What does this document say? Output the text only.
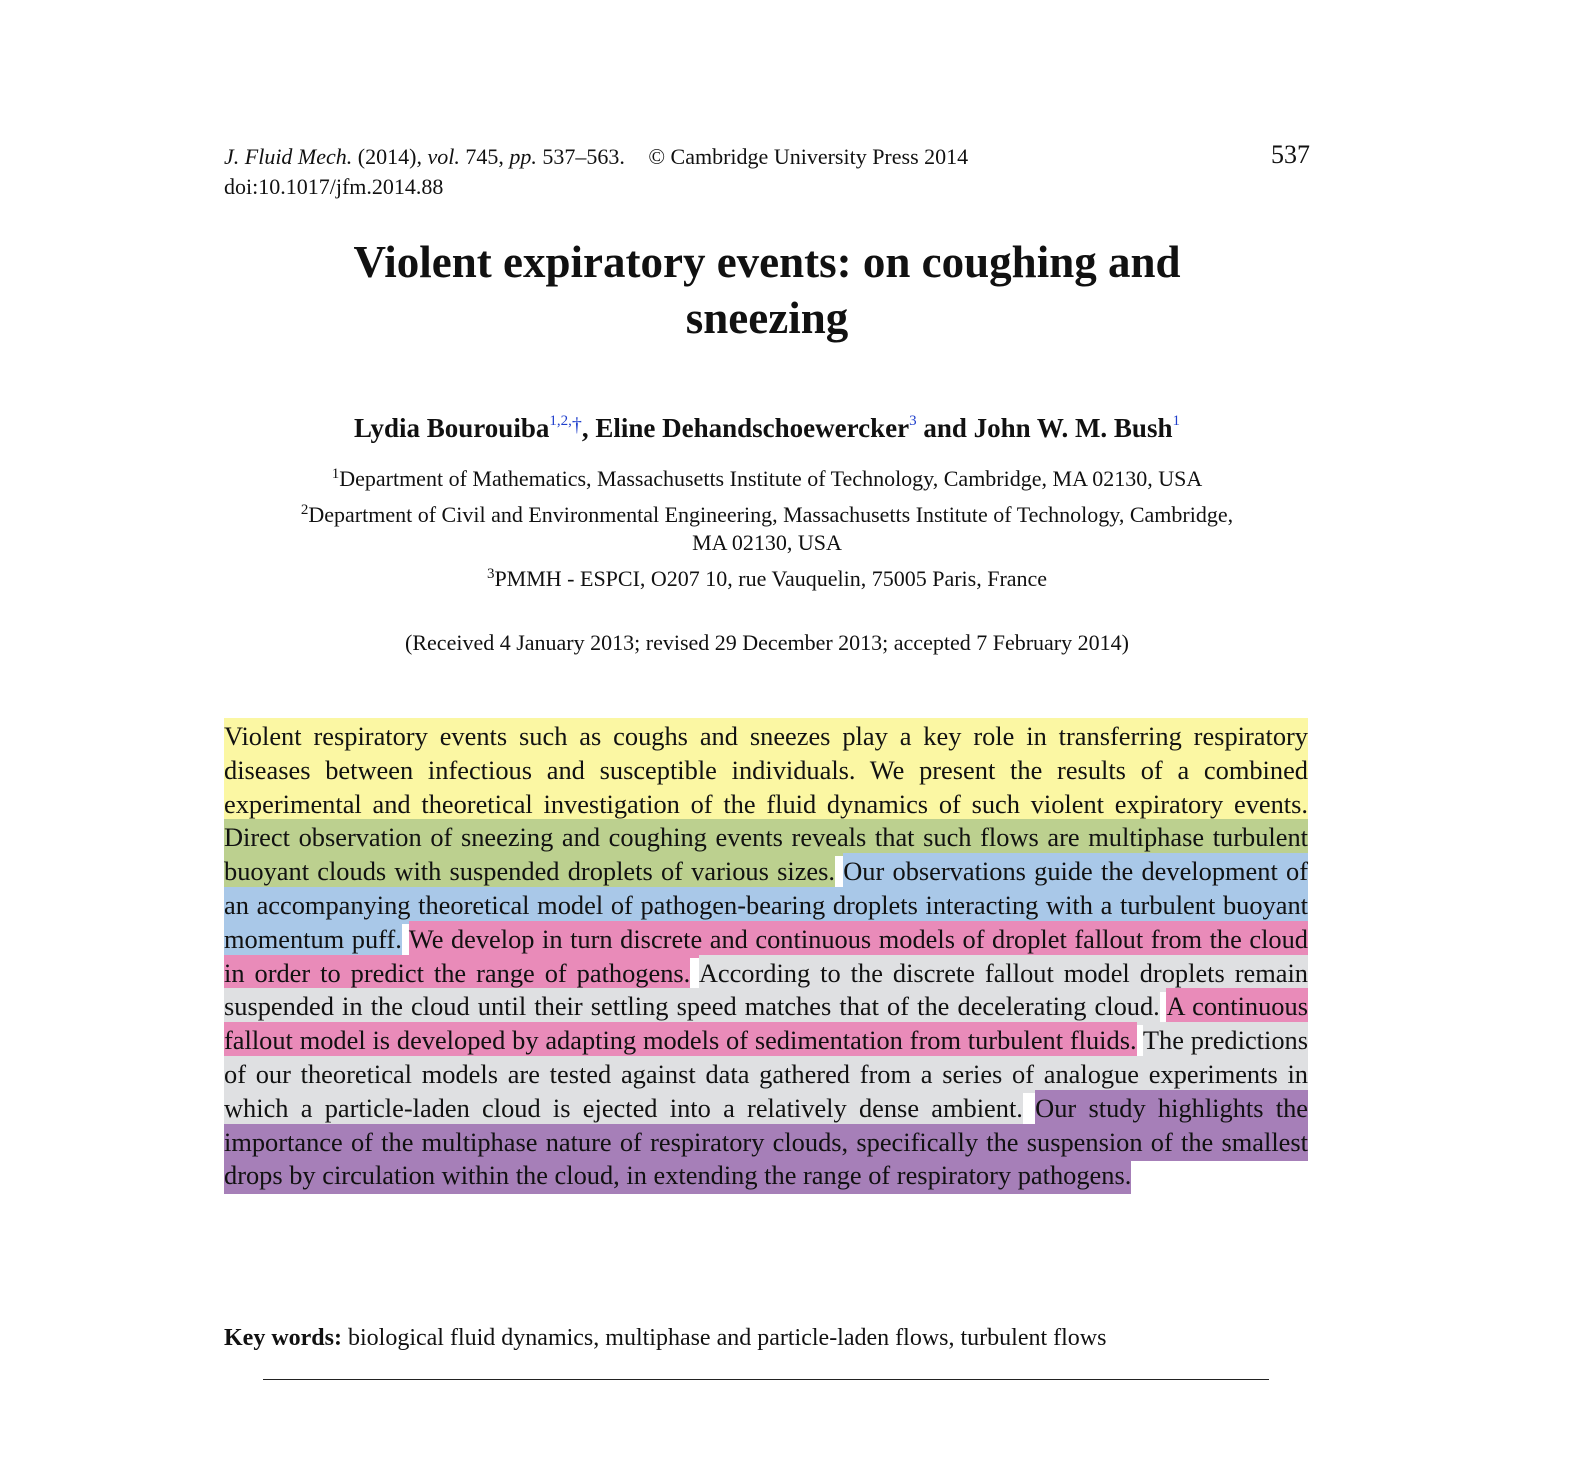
J. Fluid Mech. (2014), vol. 745, pp. 537–563. © Cambridge University Press 2014
doi:10.1017/jfm.2014.88
537
Violent expiratory events: on coughing and
sneezing
Lydia Bourouiba$^{1,2,\dagger}$, Eline Dehandschoewercker$^3$ and John W. M. Bush$^1$
$^1$Department of Mathematics, Massachusetts Institute of Technology, Cambridge, MA 02130, USA
$^2$Department of Civil and Environmental Engineering, Massachusetts Institute of Technology, Cambridge,
MA 02130, USA
$^3$PMMH - ESPCI, O207 10, rue Vauquelin, 75005 Paris, France
(Received 4 January 2013; revised 29 December 2013; accepted 7 February 2014)

Violent respiratory events such as coughs and sneezes play a key role in transferring respiratory diseases between infectious and susceptible individuals. We present the results of a combined experimental and theoretical investigation of the fluid dynamics of such violent expiratory events. Direct observation of sneezing and coughing events reveals that such flows are multiphase turbulent buoyant clouds with suspended droplets of various sizes. Our observations guide the development of an accompanying theoretical model of pathogen-bearing droplets interacting with a turbulent buoyant momentum puff. We develop in turn discrete and continuous models of droplet fallout from the cloud in order to predict the range of pathogens. According to the discrete fallout model droplets remain suspended in the cloud until their settling speed matches that of the decelerating cloud. A continuous fallout model is developed by adapting models of sedimentation from turbulent fluids. The predictions of our theoretical models are tested against data gathered from a series of analogue experiments in which a particle-laden cloud is ejected into a relatively dense ambient. Our study highlights the importance of the multiphase nature of respiratory clouds, specifically the suspension of the smallest drops by circulation within the cloud, in extending the range of respiratory pathogens.

Key words: biological fluid dynamics, multiphase and particle-laden flows, turbulent flows
